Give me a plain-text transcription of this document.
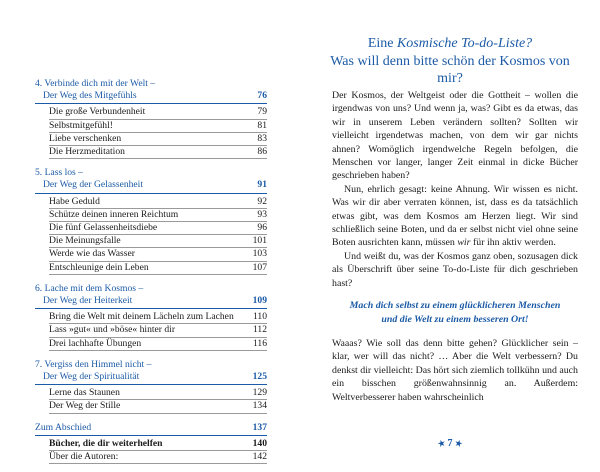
4. Verbinde dich mit der Welt –
Der Weg des Mitgefühls	76
Die große Verbundenheit	79
Selbstmitgefühl!	81
Liebe verschenken	83
Die Herzmeditation	86
5. Lass los –
Der Weg der Gelassenheit	91
Habe Geduld	92
Schütze deinen inneren Reichtum	93
Die fünf Gelassenheitsdiebe	96
Die Meinungsfalle	101
Werde wie das Wasser	103
Entschleunige dein Leben	107
6. Lache mit dem Kosmos –
Der Weg der Heiterkeit	109
Bring die Welt mit deinem Lächeln zum Lachen	110
Lass »gut« und »böse« hinter dir	112
Drei lachhafte Übungen	116
7. Vergiss den Himmel nicht –
Der Weg der Spiritualität	125
Lerne das Staunen	129
Der Weg der Stille	134
Zum Abschied	137
Bücher, die dir weiterhelfen	140
Über die Autoren:	142
Eine Kosmische To-do-Liste?
Was will denn bitte schön der Kosmos von mir?

Der Kosmos, der Weltgeist oder die Gottheit – wollen die irgendwas von uns? Und wenn ja, was? Gibt es da etwas, das wir in unserem Leben verändern sollten? Sollten wir vielleicht irgendetwas machen, von dem wir gar nichts ahnen? Womöglich irgendwelche Regeln befolgen, die Menschen vor langer, langer Zeit einmal in dicke Bücher geschrieben haben?

Nun, ehrlich gesagt: keine Ahnung. Wir wissen es nicht. Was wir dir aber verraten können, ist, dass es da tatsächlich etwas gibt, was dem Kosmos am Herzen liegt. Wir sind schließlich seine Boten, und da er selbst nicht viel ohne seine Boten ausrichten kann, müssen wir für ihn aktiv werden.

Und weißt du, was der Kosmos ganz oben, sozusagen dick als Überschrift über seine To-do-Liste für dich geschrieben hast?

Mach dich selbst zu einem glücklicheren Menschen und die Welt zu einem besseren Ort!

Waaas? Wie soll das denn bitte gehen? Glücklicher sein – klar, wer will das nicht? … Aber die Welt verbessern? Du denkst dir vielleicht: Das hört sich ziemlich tollkühn und auch ein bisschen größenwahnsinnig an. Außerdem: Weltverbesserer haben wahrscheinlich

★ 7 ★
